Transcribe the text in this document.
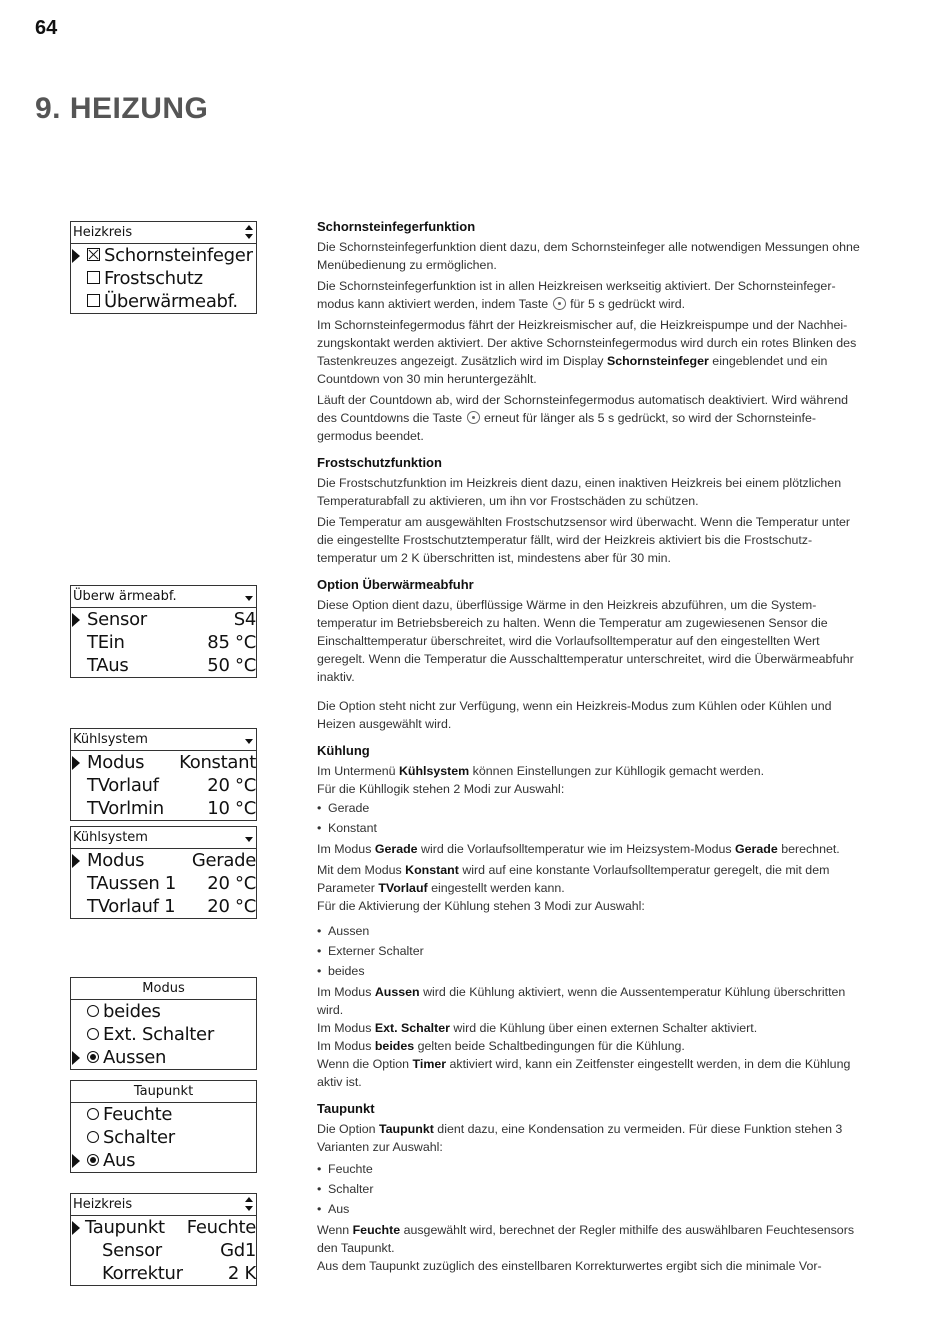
64
9. HEIZUNG
Heizkreis
Schornsteinfeger
Frostschutz
Überwärmeabf.
Überw ärmeabf.
Sensor	S4
TEin	85 °C
TAus	50 °C
Kühlsystem
Modus Konstant
TVorlauf	20 °C
TVorlmin 10 °C
Kühlsystem
Modus	Gerade
TAussen 1 20 °C
TVorlauf 1 20 °C
Modus
beides
Ext. Schalter
Aussen
Taupunkt
Feuchte
Schalter
Aus
Heizkreis
Taupunkt Feuchte
Sensor	Gd1
Korrektur	2 K
Schornsteinfegerfunktion

Die Schornsteinfegerfunktion dient dazu, dem Schornsteinfeger alle notwendigen Messungen ohne Menübedienung zu ermöglichen.

Die Schornsteinfegerfunktion ist in allen Heizkreisen werkseitig aktiviert. Der Schornsteinfegermodus kann aktiviert werden, indem Taste für 5 s gedrückt wird.

Im Schornsteinfegermodus fährt der Heizkreismischer auf, die Heizkreispumpe und der Nachheizungskontakt werden aktiviert. Der aktive Schornsteinfegermodus wird durch ein rotes Blinken des Tastenkreuzes angezeigt. Zusätzlich wird im Display Schornsteinfeger eingeblendet und ein Countdown von 30 min heruntergezählt.

Läuft der Countdown ab, wird der Schornsteinfegermodus automatisch deaktiviert. Wird während des Countdowns die Taste erneut für länger als 5 s gedrückt, so wird der Schornsteinfegermodus beendet.

Frostschutzfunktion

Die Frostschutzfunktion im Heizkreis dient dazu, einen inaktiven Heizkreis bei einem plötzlichen Temperaturabfall zu aktivieren, um ihn vor Frostschäden zu schützen.

Die Temperatur am ausgewählten Frostschutzsensor wird überwacht. Wenn die Temperatur unter die eingestellte Frostschutztemperatur fällt, wird der Heizkreis aktiviert bis die Frostschutztemperatur um 2 K überschritten ist, mindestens aber für 30 min.

Option Überwärmeabfuhr

Diese Option dient dazu, überflüssige Wärme in den Heizkreis abzuführen, um die Systemtemperatur im Betriebsbereich zu halten. Wenn die Temperatur am zugewiesenen Sensor die Einschalttemperatur überschreitet, wird die Vorlaufsolltemperatur auf den eingestellten Wert geregelt. Wenn die Temperatur die Ausschalttemperatur unterschreitet, wird die Überwärmeabfuhr inaktiv.

Die Option steht nicht zur Verfügung, wenn ein Heizkreis-Modus zum Kühlen oder Kühlen und Heizen ausgewählt wird.

Kühlung

Im Untermenü Kühlsystem können Einstellungen zur Kühllogik gemacht werden.
Für die Kühllogik stehen 2 Modi zur Auswahl:

• Gerade
• Konstant

Im Modus Gerade wird die Vorlaufsolltemperatur wie im Heizsystem-Modus Gerade berechnet.

Mit dem Modus Konstant wird auf eine konstante Vorlaufsolltemperatur geregelt, die mit dem Parameter TVorlauf eingestellt werden kann.
Für die Aktivierung der Kühlung stehen 3 Modi zur Auswahl:

• Aussen
• Externer Schalter
• beides

Im Modus Aussen wird die Kühlung aktiviert, wenn die Aussentemperatur Kühlung überschritten wird.
Im Modus Ext. Schalter wird die Kühlung über einen externen Schalter aktiviert.
Im Modus beides gelten beide Schaltbedingungen für die Kühlung.
Wenn die Option Timer aktiviert wird, kann ein Zeitfenster eingestellt werden, in dem die Kühlung aktiv ist.

Taupunkt

Die Option Taupunkt dient dazu, eine Kondensation zu vermeiden. Für diese Funktion stehen 3 Varianten zur Auswahl:

• Feuchte
• Schalter
• Aus

Wenn Feuchte ausgewählt wird, berechnet der Regler mithilfe des auswählbaren Feuchtesensors den Taupunkt.
Aus dem Taupunkt zuzüglich des einstellbaren Korrekturwertes ergibt sich die minimale Vor-
